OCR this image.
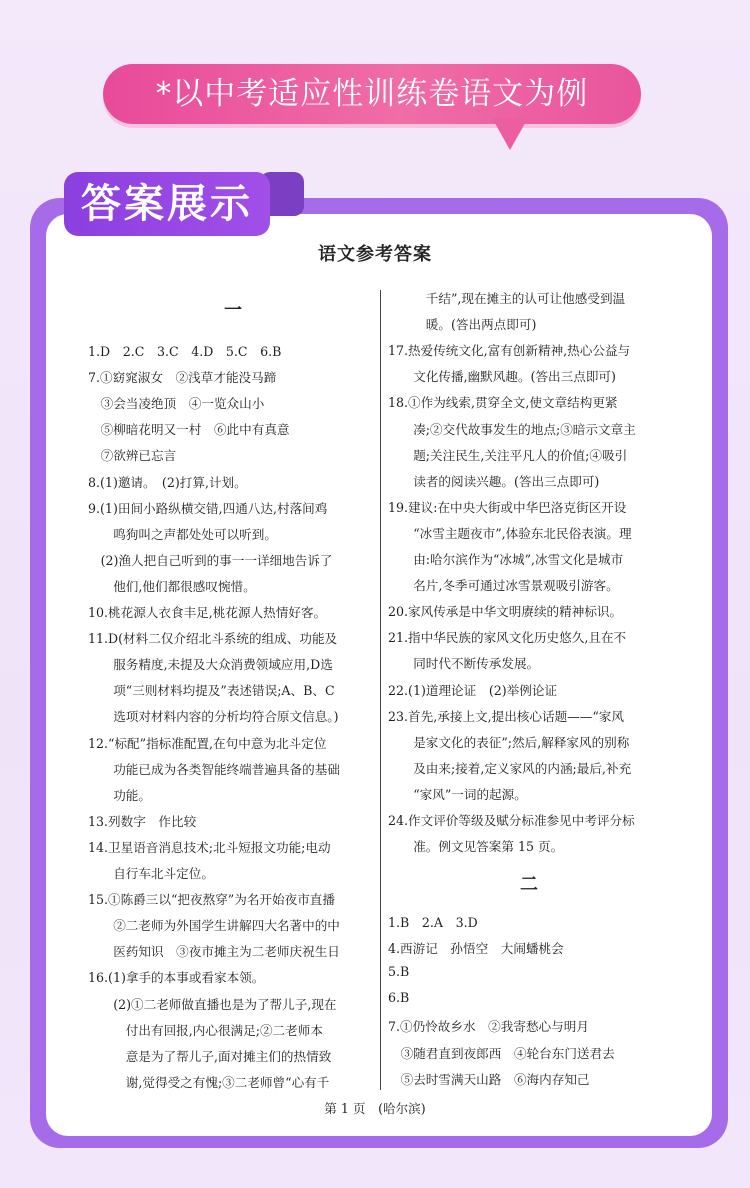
*以中考适应性训练卷语文为例
答案展示
语文参考答案
一
1.D　2.C　3.C　4.D　5.C　6.B
7.①窈窕淑女　②浅草才能没马蹄
　③会当凌绝顶　④一览众山小
　⑤柳暗花明又一村　⑥此中有真意
　⑦欲辨已忘言
8.(1)邀请。　(2)打算,计划。
9.(1)田间小路纵横交错,四通八达,村落间鸡
　　鸣狗叫之声都处处可以听到。
　(2)渔人把自己听到的事一一详细地告诉了
　　他们,他们都很感叹惋惜。
10.桃花源人衣食丰足,桃花源人热情好客。
11.D(材料二仅介绍北斗系统的组成、功能及
　　服务精度,未提及大众消费领域应用,D选
　　项“三则材料均提及”表述错误;A、B、C
　　选项对材料内容的分析均符合原文信息。)
12.“标配”指标准配置,在句中意为北斗定位
　　功能已成为各类智能终端普遍具备的基础
　　功能。
13.列数字　作比较
14.卫星语音消息技术;北斗短报文功能;电动
　　自行车北斗定位。
15.①陈爵三以“把夜熬穿”为名开始夜市直播
　　②二老师为外国学生讲解四大名著中的中
　　医药知识　③夜市摊主为二老师庆祝生日
16.(1)拿手的本事或看家本领。
　　(2)①二老师做直播也是为了帮儿子,现在
　　　付出有回报,内心很满足;②二老师本
　　　意是为了帮儿子,面对摊主们的热情致
　　　谢,觉得受之有愧;③二老师曾“心有千
　　　千结”,现在摊主的认可让他感受到温
　　　暖。(答出两点即可)
17.热爱传统文化,富有创新精神,热心公益与
　　文化传播,幽默风趣。(答出三点即可)
18.①作为线索,贯穿全文,使文章结构更紧
　　凑;②交代故事发生的地点;③暗示文章主
　　题;关注民生,关注平凡人的价值;④吸引
　　读者的阅读兴趣。(答出三点即可)
19.建议:在中央大街或中华巴洛克街区开设
　　“冰雪主题夜市”,体验东北民俗表演。理
　　由:哈尔滨作为“冰城”,冰雪文化是城市
　　名片,冬季可通过冰雪景观吸引游客。
20.家风传承是中华文明赓续的精神标识。
21.指中华民族的家风文化历史悠久,且在不
　　同时代不断传承发展。
22.(1)道理论证　(2)举例论证
23.首先,承接上文,提出核心话题——“家风
　　是家文化的表征”;然后,解释家风的别称
　　及由来;接着,定义家风的内涵;最后,补充
　　“家风”一词的起源。
24.作文评价等级及赋分标准参见中考评分标
　　准。例文见答案第 15 页。
二
1.B　2.A　3.D
4.西游记　孙悟空　大闹蟠桃会
5.B
6.B
7.①仍怜故乡水　②我寄愁心与明月
　③随君直到夜郎西　④轮台东门送君去
　⑤去时雪满天山路　⑥海内存知己
第 1 页　(哈尔滨)
